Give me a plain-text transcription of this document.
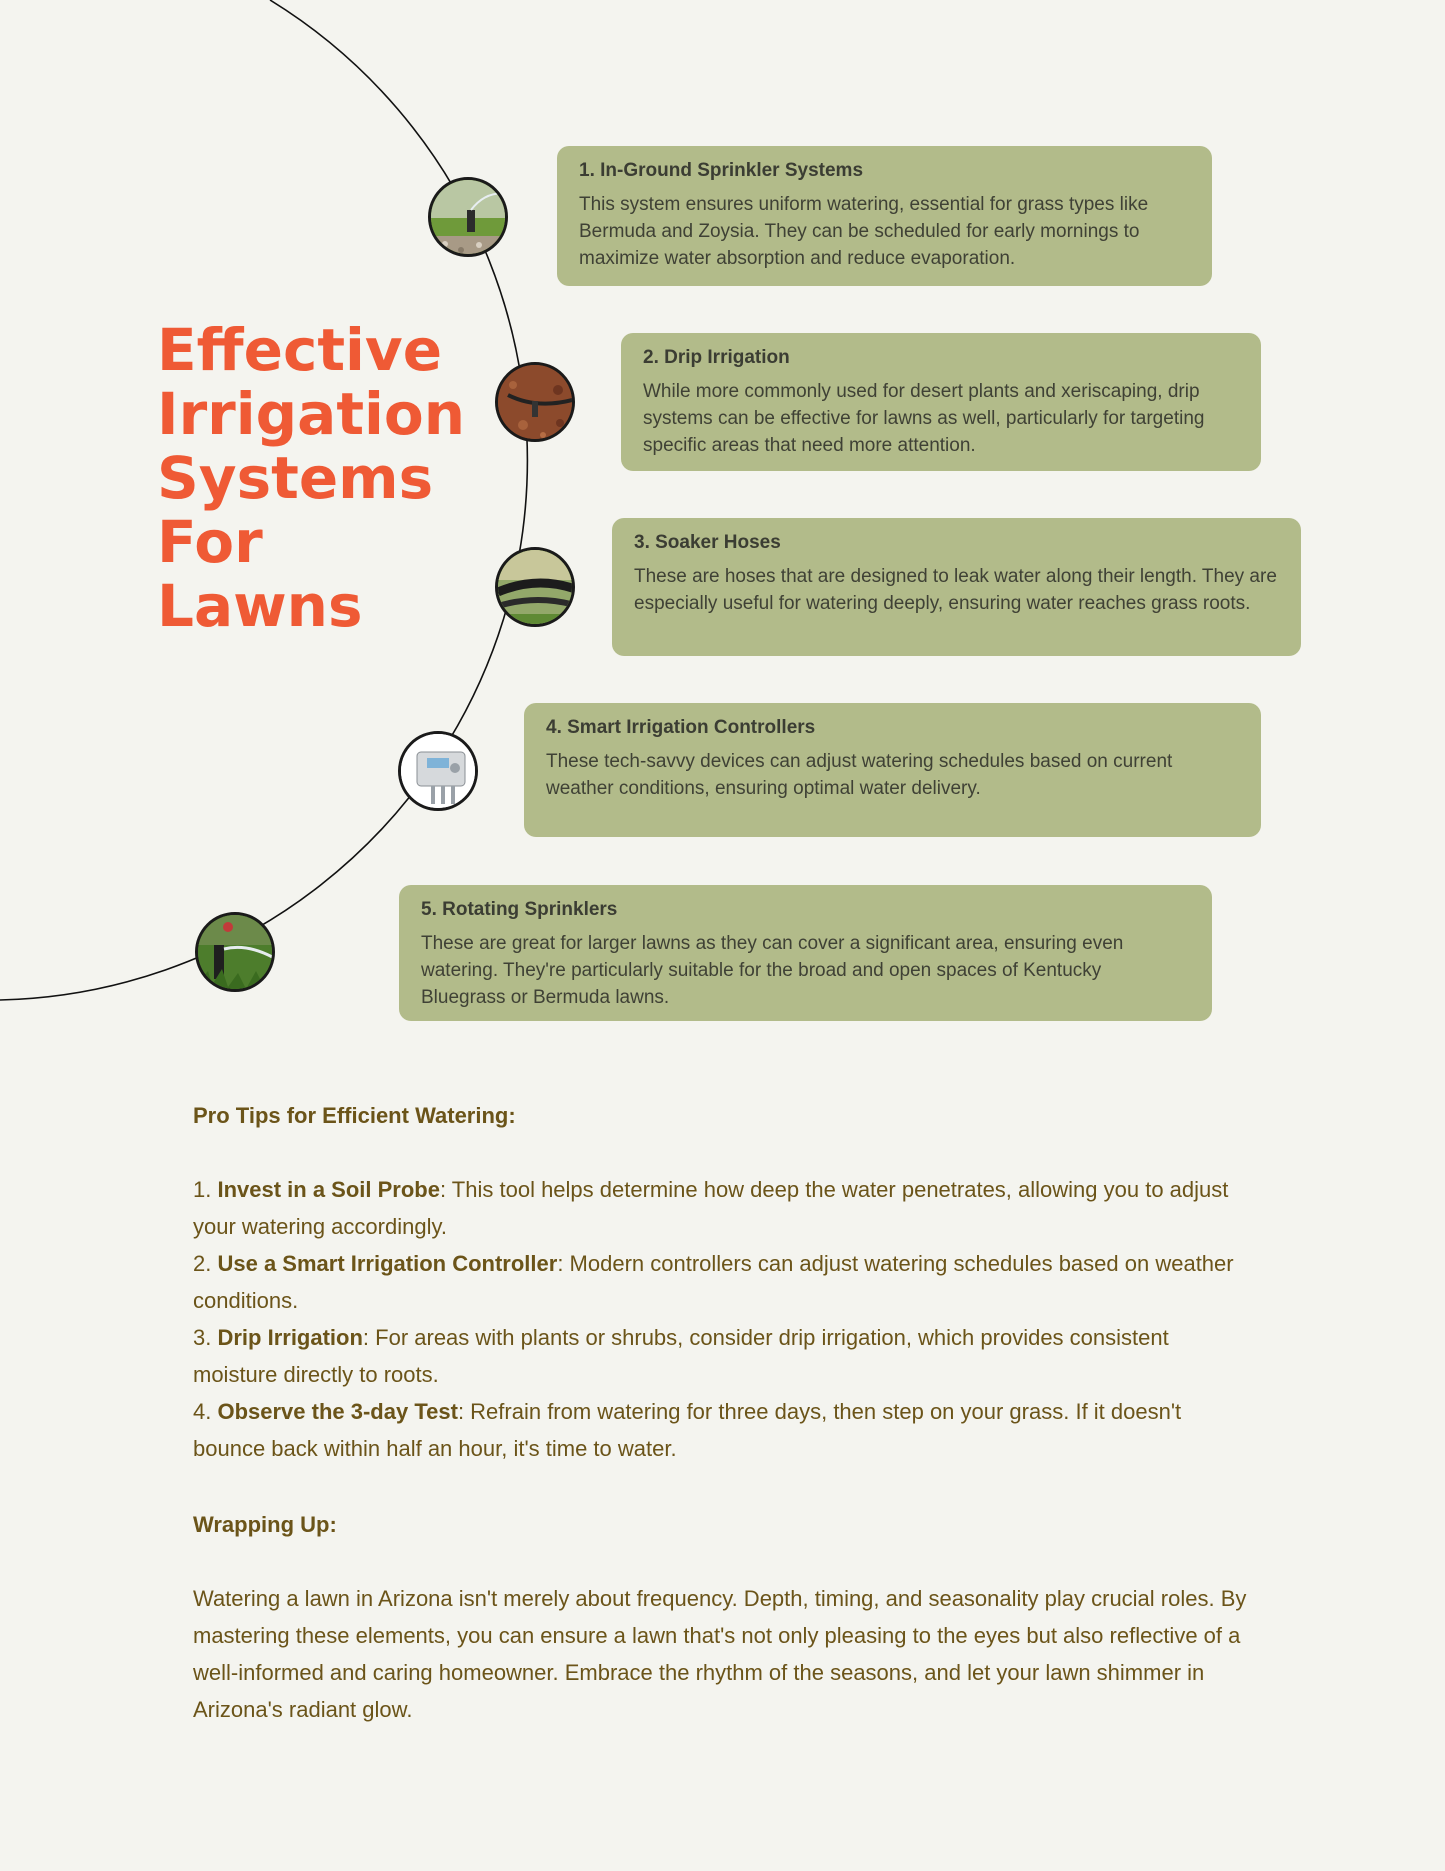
Effective
Irrigation
Systems
For
Lawns
1. In-Ground Sprinkler Systems

This system ensures uniform watering, essential for grass types like Bermuda and Zoysia. They can be scheduled for early mornings to maximize water absorption and reduce evaporation.

2. Drip Irrigation

While more commonly used for desert plants and xeriscaping, drip systems can be effective for lawns as well, particularly for targeting specific areas that need more attention.

3. Soaker Hoses

These are hoses that are designed to leak water along their length. They are especially useful for watering deeply, ensuring water reaches grass roots.

4. Smart Irrigation Controllers

These tech-savvy devices can adjust watering schedules based on current weather conditions, ensuring optimal water delivery.

5. Rotating Sprinklers

These are great for larger lawns as they can cover a significant area, ensuring even watering. They're particularly suitable for the broad and open spaces of Kentucky Bluegrass or Bermuda lawns.

Pro Tips for Efficient Watering:
1. Invest in a Soil Probe: This tool helps determine how deep the water penetrates, allowing you to adjust your watering accordingly.
2. Use a Smart Irrigation Controller: Modern controllers can adjust watering schedules based on weather conditions.
3. Drip Irrigation: For areas with plants or shrubs, consider drip irrigation, which provides consistent moisture directly to roots.
4. Observe the 3-day Test: Refrain from watering for three days, then step on your grass. If it doesn't bounce back within half an hour, it's time to water.
Wrapping Up:
Watering a lawn in Arizona isn't merely about frequency. Depth, timing, and seasonality play crucial roles. By mastering these elements, you can ensure a lawn that's not only pleasing to the eyes but also reflective of a well-informed and caring homeowner. Embrace the rhythm of the seasons, and let your lawn shimmer in Arizona's radiant glow.
